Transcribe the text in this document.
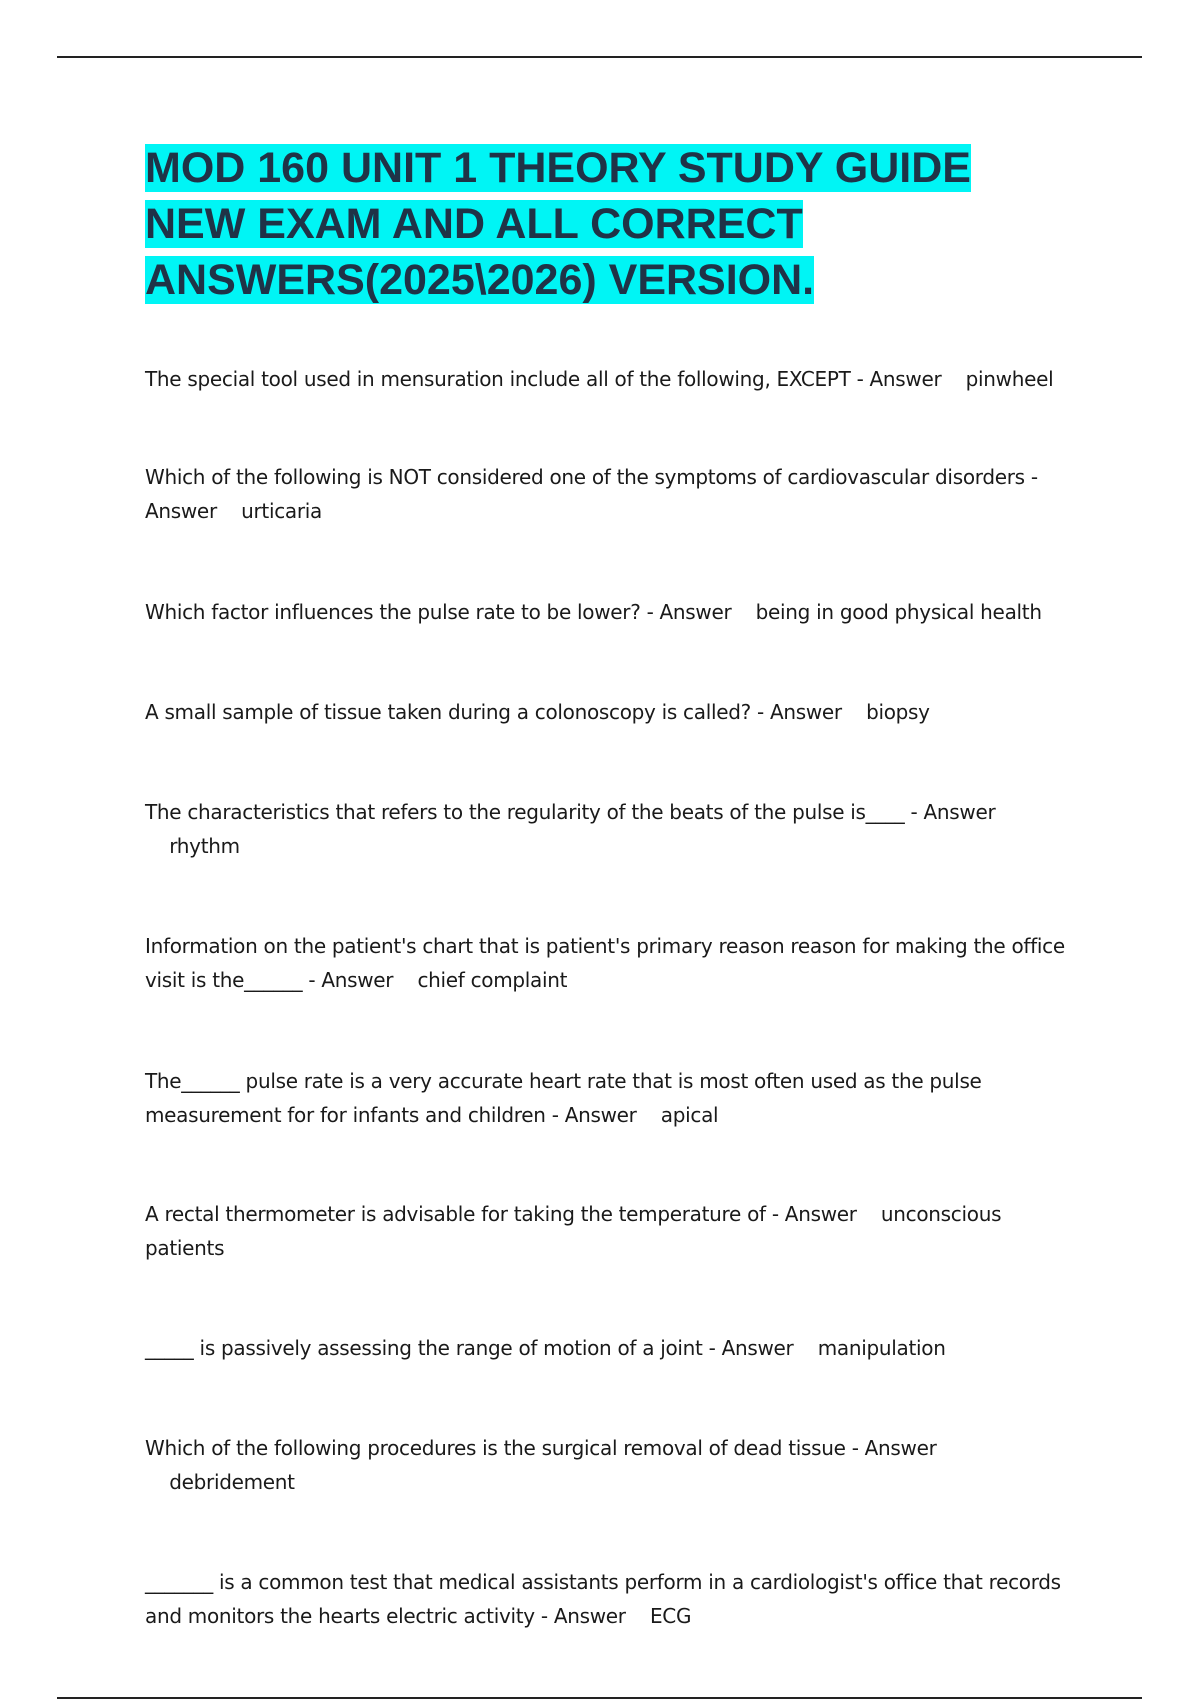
MOD 160 UNIT 1 THEORY STUDY GUIDE NEW EXAM AND ALL CORRECT ANSWERS(2025\2026) VERSION.
The special tool used in mensuration include all of the following, EXCEPT - Answer pinwheel
Which of the following is NOT considered one of the symptoms of cardiovascular disorders - Answer urticaria
Which factor influences the pulse rate to be lower? - Answer being in good physical health
A small sample of tissue taken during a colonoscopy is called? - Answer biopsy
The characteristics that refers to the regularity of the beats of the pulse is____ - Answer    rhythm
Information on the patient's chart that is patient's primary reason reason for making the office visit is the______ - Answer chief complaint
The______ pulse rate is a very accurate heart rate that is most often used as the pulse measurement for for infants and children - Answer apical
A rectal thermometer is advisable for taking the temperature of - Answer unconscious patients
_____ is passively assessing the range of motion of a joint - Answer manipulation
Which of the following procedures is the surgical removal of dead tissue - Answer    debridement
_______ is a common test that medical assistants perform in a cardiologist's office that records and monitors the hearts electric activity - Answer ECG
